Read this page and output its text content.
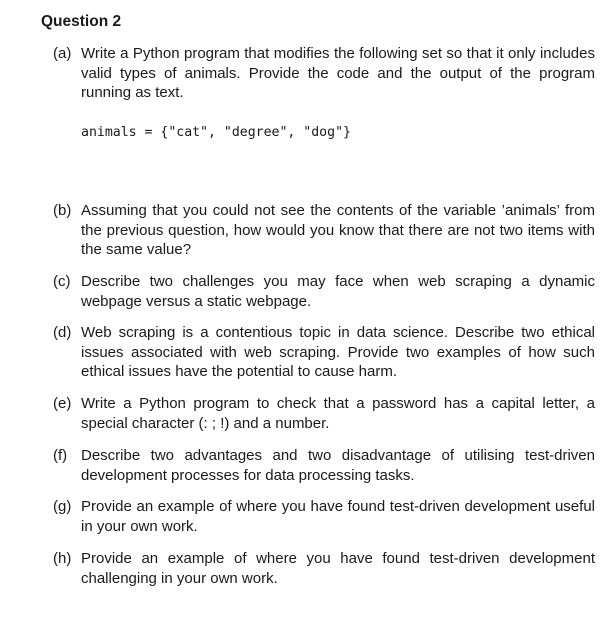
Question 2
(a) Write a Python program that modifies the following set so that it only includes valid types of animals. Provide the code and the output of the program running as text.
animals = {"cat", "degree", "dog"}
(b) Assuming that you could not see the contents of the variable ’animals’ from the previous question, how would you know that there are not two items with the same value?
(c) Describe two challenges you may face when web scraping a dynamic webpage versus a static webpage.
(d) Web scraping is a contentious topic in data science. Describe two ethical issues associated with web scraping. Provide two examples of how such ethical issues have the potential to cause harm.
(e) Write a Python program to check that a password has a capital letter, a special character (: ; !) and a number.
(f) Describe two advantages and two disadvantage of utilising test-driven development processes for data processing tasks.
(g) Provide an example of where you have found test-driven development useful in your own work.
(h) Provide an example of where you have found test-driven development challenging in your own work.
